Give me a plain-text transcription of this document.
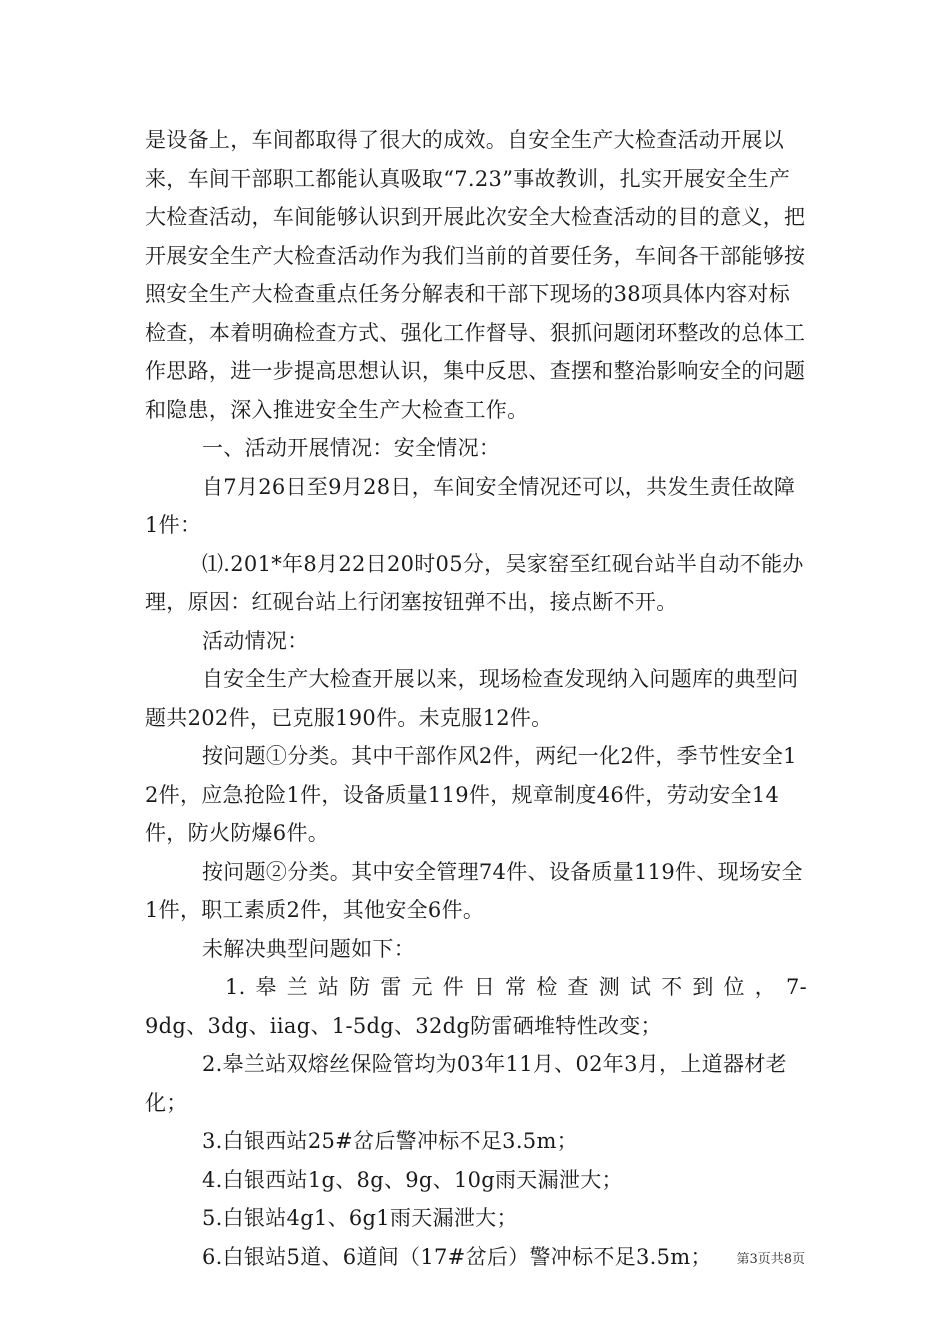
是设备上，车间都取得了很大的成效。自安全生产大检查活动开展以来，车间干部职工都能认真吸取“7.23”事故教训，扎实开展安全生产大检查活动，车间能够认识到开展此次安全大检查活动的目的意义，把开展安全生产大检查活动作为我们当前的首要任务，车间各干部能够按照安全生产大检查重点任务分解表和干部下现场的38项具体内容对标检查，本着明确检查方式、强化工作督导、狠抓问题闭环整改的总体工作思路，进一步提高思想认识，集中反思、查摆和整治影响安全的问题和隐患，深入推进安全生产大检查工作。

一、活动开展情况：安全情况：

自7月26日至9月28日，车间安全情况还可以，共发生责任故障1件：

⑴.201*年8月22日20时05分，吴家窑至红砚台站半自动不能办理，原因：红砚台站上行闭塞按钮弹不出，接点断不开。

活动情况：

自安全生产大检查开展以来，现场检查发现纳入问题库的典型问题共202件，已克服190件。未克服12件。

按问题①分类。其中干部作风2件，两纪一化2件，季节性安全12件，应急抢险1件，设备质量119件，规章制度46件，劳动安全14件，防火防爆6件。

按问题②分类。其中安全管理74件、设备质量119件、现场安全1件，职工素质2件，其他安全6件。

未解决典型问题如下：

1.皋兰站防雷元件日常检查测试不到位，7-

9dg、3dg、iiag、1-5dg、32dg防雷硒堆特性改变；

2.皋兰站双熔丝保险管均为03年11月、02年3月，上道器材老化；

3.白银西站25#岔后警冲标不足3.5m；

4.白银西站1g、8g、9g、10g雨天漏泄大；

5.白银站4g1、6g1雨天漏泄大；

6.白银站5道、6道间（17#岔后）警冲标不足3.5m；	第3页共8页
